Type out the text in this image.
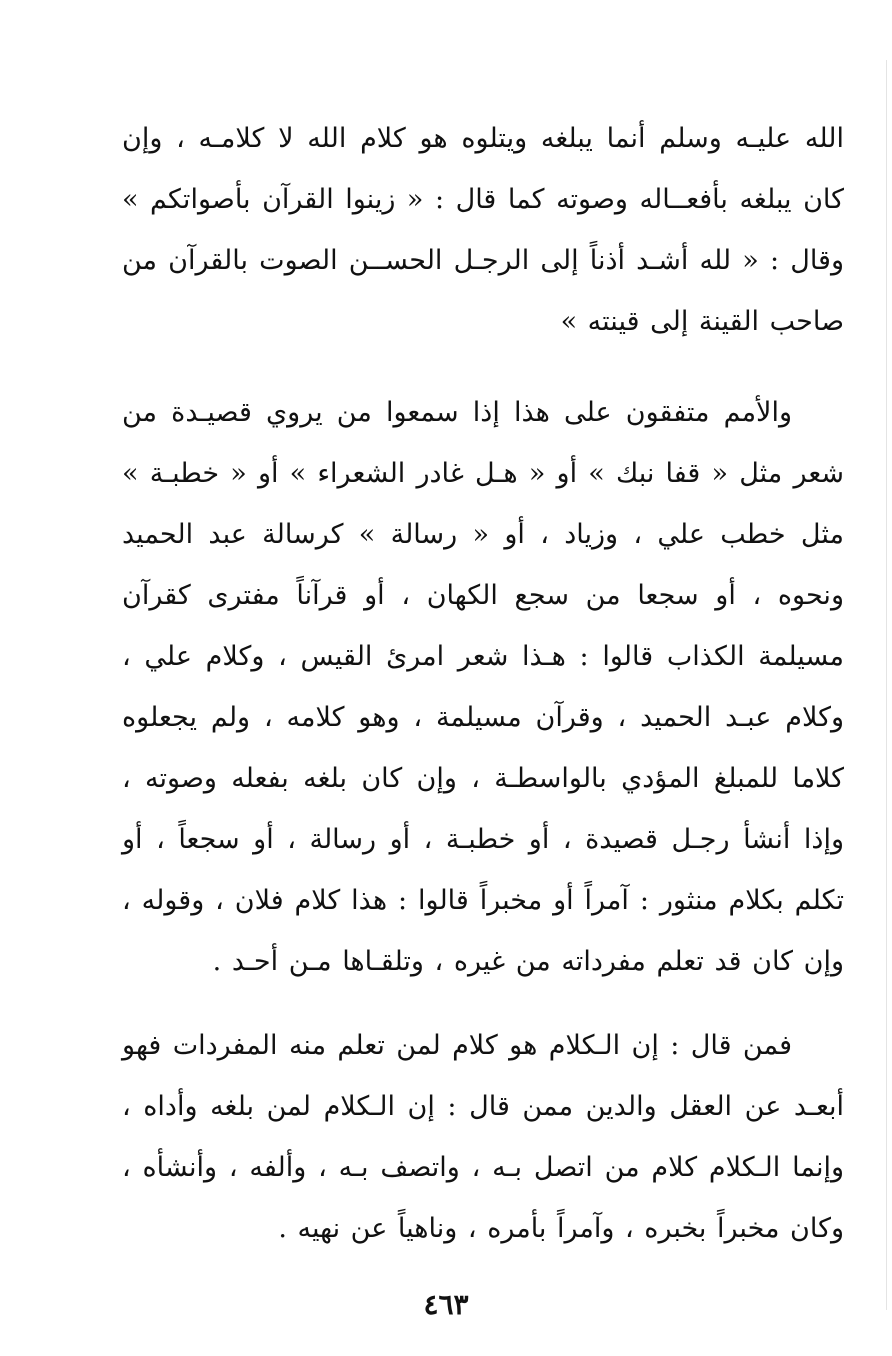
الله عليـه وسلم أنما يبلغه ويتلوه هو كلام الله لا كلامـه ، وإن كان يبلغه بأفعــاله وصوته كما قال : « زينوا القرآن بأصواتكم » وقال : « لله أشـد أذناً إلى الرجـل الحســن الصوت بالقرآن من صاحب القينة إلى قينته »

والأمم متفقون على هذا إذا سمعوا من يروي قصيـدة من شعر مثل « قفا نبك » أو « هـل غادر الشعراء » أو « خطبـة » مثل خطب علي ، وزياد ، أو « رسالة » كرسالة عبد الحميد ونحوه ، أو سجعا من سجع الكهان ، أو قرآناً مفترى كقرآن مسيلمة الكذاب قالوا : هـذا شعر امرئ القيس ، وكلام علي ، وكلام عبـد الحميد ، وقرآن مسيلمة ، وهو كلامه ، ولم يجعلوه كلاما للمبلغ المؤدي بالواسطـة ، وإن كان بلغه بفعله وصوته ، وإذا أنشأ رجـل قصيدة ، أو خطبـة ، أو رسالة ، أو سجعاً ، أو تكلم بكلام منثور : آمراً أو مخبراً قالوا : هذا كلام فلان ، وقوله ، وإن كان قد تعلم مفرداته من غيره ، وتلقـاها مـن أحـد .

فمن قال : إن الـكلام هو كلام لمن تعلم منه المفردات فهو أبعـد عن العقل والدين ممن قال : إن الـكلام لمن بلغه وأداه ، وإنما الـكلام كلام من اتصل بـه ، واتصف بـه ، وألفه ، وأنشأه ، وكان مخبراً بخبره ، وآمراً بأمره ، وناهياً عن نهيه .

٤٦٣
